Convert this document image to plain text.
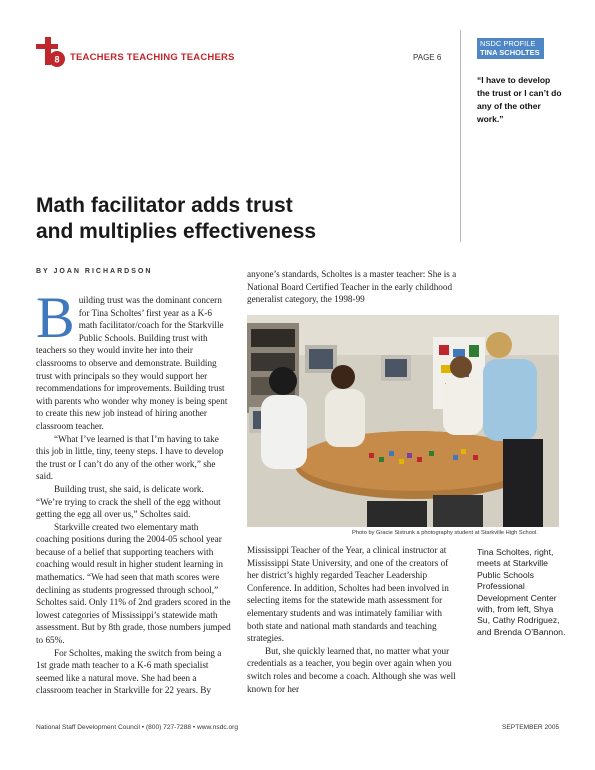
8 TEACHERS TEACHING TEACHERS	PAGE 6
NSDC PROFILE
TINA SCHOLTES
“I have to develop the trust or I can’t do any of the other work.”
Math facilitator adds trust
and multiplies effectiveness
BY JOAN RICHARDSON

Building trust was the dominant concern for Tina Scholtes’ first year as a K-6 math facilitator/coach for the Starkville Public Schools. Building trust with teachers so they would invite her into their classrooms to observe and demonstrate. Building trust with principals so they would support her recommendations for improvements. Building trust with parents who wonder why money is being spent to create this new job instead of hiring another classroom teacher.

“What I’ve learned is that I’m having to take this job in little, tiny, teeny steps. I have to develop the trust or I can’t do any of the other work,” she said.

Building trust, she said, is delicate work. “We’re trying to crack the shell of the egg without getting the egg all over us,” Scholtes said.

Starkville created two elementary math coaching positions during the 2004-05 school year because of a belief that supporting teachers with coaching would result in higher student learning in mathematics. “We had seen that math scores were declining as students progressed through school,” Scholtes said. Only 11% of 2nd graders scored in the lowest categories of Mississippi’s statewide math assessment. But by 8th grade, those numbers jumped to 65%.

For Scholtes, making the switch from being a 1st grade math teacher to a K-6 math specialist seemed like a natural move. She had been a classroom teacher in Starkville for 22 years. By

anyone’s standards, Scholtes is a master teacher: She is a National Board Certified Teacher in the early childhood generalist category, the 1998-99
Photo by Gracie Sistrunk a photography student at Starkville High School.

Mississippi Teacher of the Year, a clinical instructor at Mississippi State University, and one of the creators of her district’s highly regarded Teacher Leadership Conference. In addition, Scholtes had been involved in selecting items for the statewide math assessment for elementary students and was intimately familiar with both state and national math standards and teaching strategies.

But, she quickly learned that, no matter what your credentials as a teacher, you begin over again when you switch roles and become a coach. Although she was well known for her

Tina Scholtes, right, meets at Starkville Public Schools Professional Development Center with, from left, Shya Su, Cathy Rodriguez, and Brenda O’Bannon.
National Staff Development Council • (800) 727-7288 • www.nsdc.org	SEPTEMBER 2005
